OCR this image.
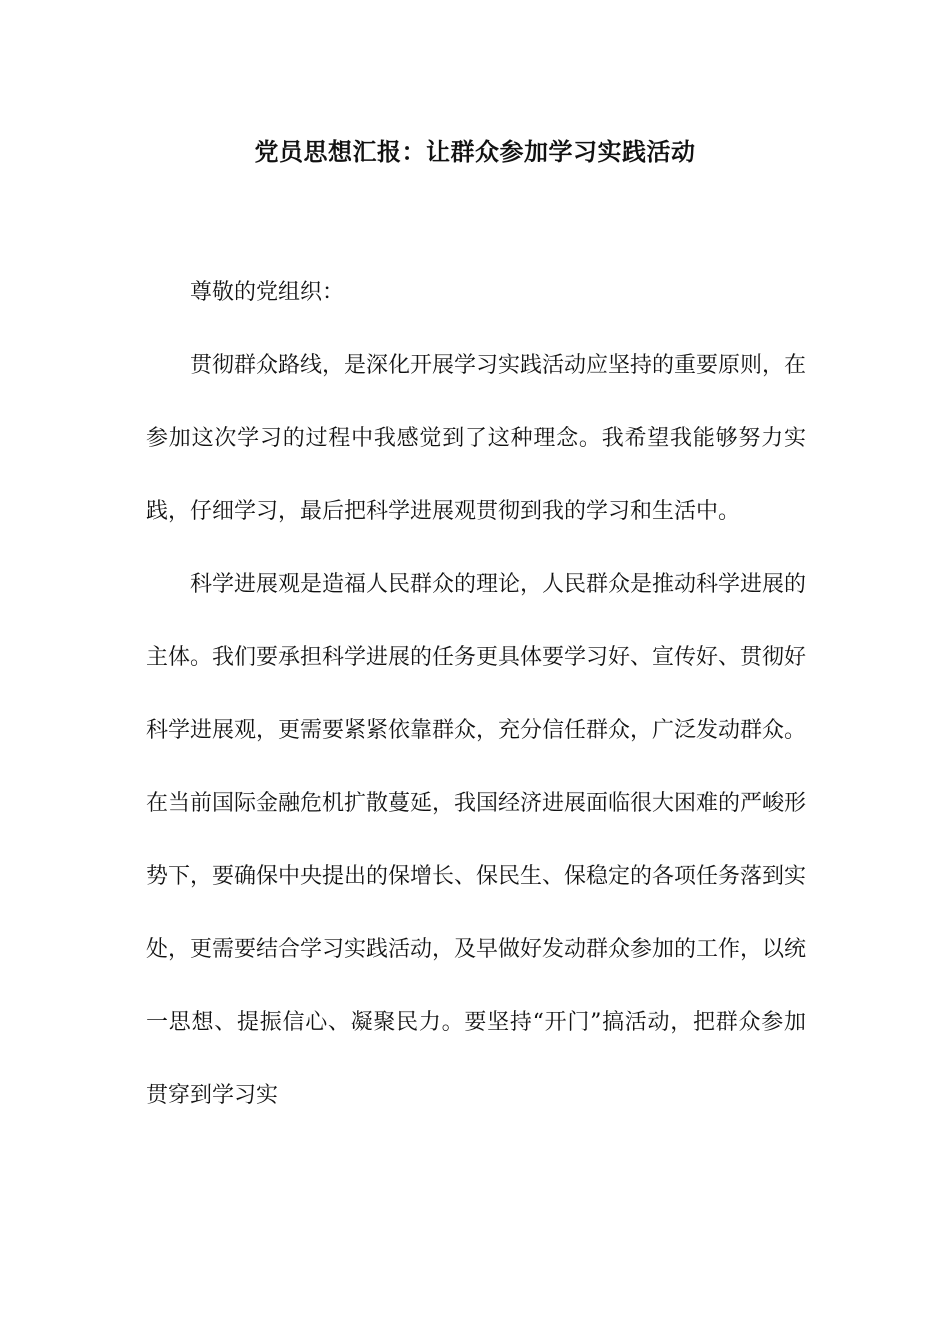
党员思想汇报：让群众参加学习实践活动

尊敬的党组织：

贯彻群众路线，是深化开展学习实践活动应坚持的重要原则，在参加这次学习的过程中我感觉到了这种理念。我希望我能够努力实践，仔细学习，最后把科学进展观贯彻到我的学习和生活中。

科学进展观是造福人民群众的理论，人民群众是推动科学进展的主体。我们要承担科学进展的任务更具体要学习好、宣传好、贯彻好科学进展观，更需要紧紧依靠群众，充分信任群众，广泛发动群众。在当前国际金融危机扩散蔓延，我国经济进展面临很大困难的严峻形势下，要确保中央提出的保增长、保民生、保稳定的各项任务落到实处，更需要结合学习实践活动，及早做好发动群众参加的工作，以统一思想、提振信心、凝聚民力。要坚持“开门”搞活动，把群众参加贯穿到学习实
